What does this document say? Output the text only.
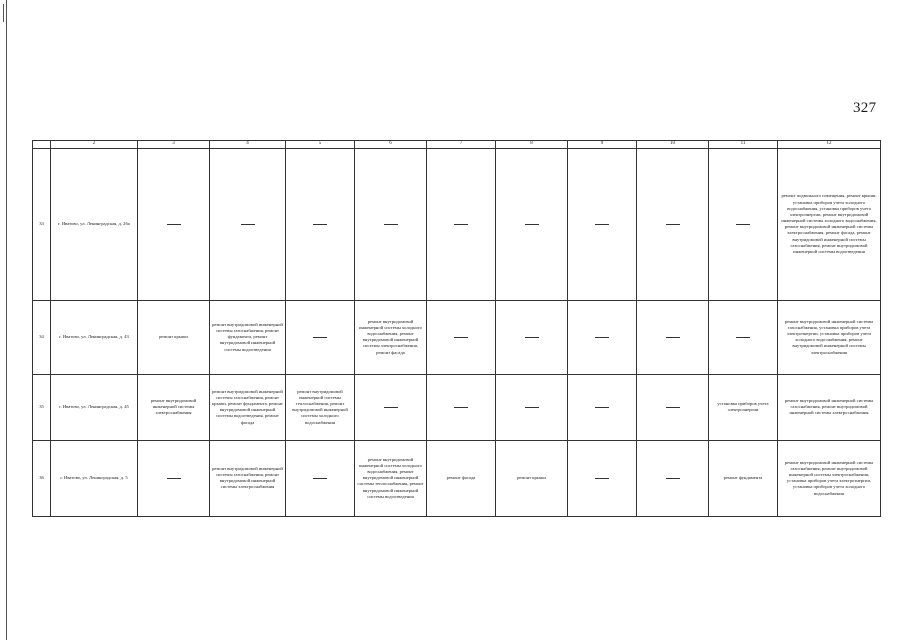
327
	2	3	4	5	6	7	8	9	10	11	12
33	г. Иватово, ул. Ленинградская, д. 26а										ремонт подвального помещения, ремонт крыши, установка приборов учета холодного водоснабжения, установка приборов учета электроэнергии, ремонт внутридомовой инженерной системы холодного водоснабжения, ремонт внутридомовой инженерной системы электроснабжения, ремонт фасада, ремонт внутридомовой инженерной системы газоснабжения, ремонт внутридомовой инженерной системы водоотведения
34	г. Иватово, ул. Ленинградская, д. 43	ремонт крыши	ремонт внутридомовой инженерной системы газоснабжения, ремонт фундамента, ремонт внутридомовой инженерной системы водоотведения		ремонт внутридомовой инженерной системы холодного водоснабжения, ремонт внутридомовой инженерной системы электроснабжения, ремонт фасада						ремонт внутридомовой инженерной системы газоснабжения, установка приборов учета электроэнергии, установка приборов учета холодного водоснабжения, ремонт внутридомовой инженерной системы электроснабжения
35	г. Иватово, ул. Ленинградская, д. 45	ремонт внутридомовой инженерной системы электроснабжения	ремонт внутридомовой инженерной системы газоснабжения, ремонт крыши, ремонт фундамента, ремонт внутридомовой инженерной системы водоотведения, ремонт фасада	ремонт внутридомовой инженерной системы теплоснабжения, ремонт внутридомовой инженерной системы холодного водоснабжения						установка приборов учета электроэнергии	ремонт внутридомовой инженерной системы газоснабжения, ремонт внутридомовой инженерной системы электроснабжения
36	г. Иватово, ул. Ленинградская, д. 5		ремонт внутридомовой инженерной системы газоснабжения, ремонт внутридомовой инженерной системы электроснабжения		ремонт внутридомовой инженерной системы холодного водоснабжения, ремонт внутридомовой инженерной системы теплоснабжения, ремонт внутридомовой инженерной системы водоотведения	ремонт фасада	ремонт крыши			ремонт фундамента	ремонт внутридомовой инженерной системы газоснабжения, ремонт внутридомовой инженерной системы электроснабжения, установка приборов учета электроэнергии, установка приборов учета холодного водоснабжения
